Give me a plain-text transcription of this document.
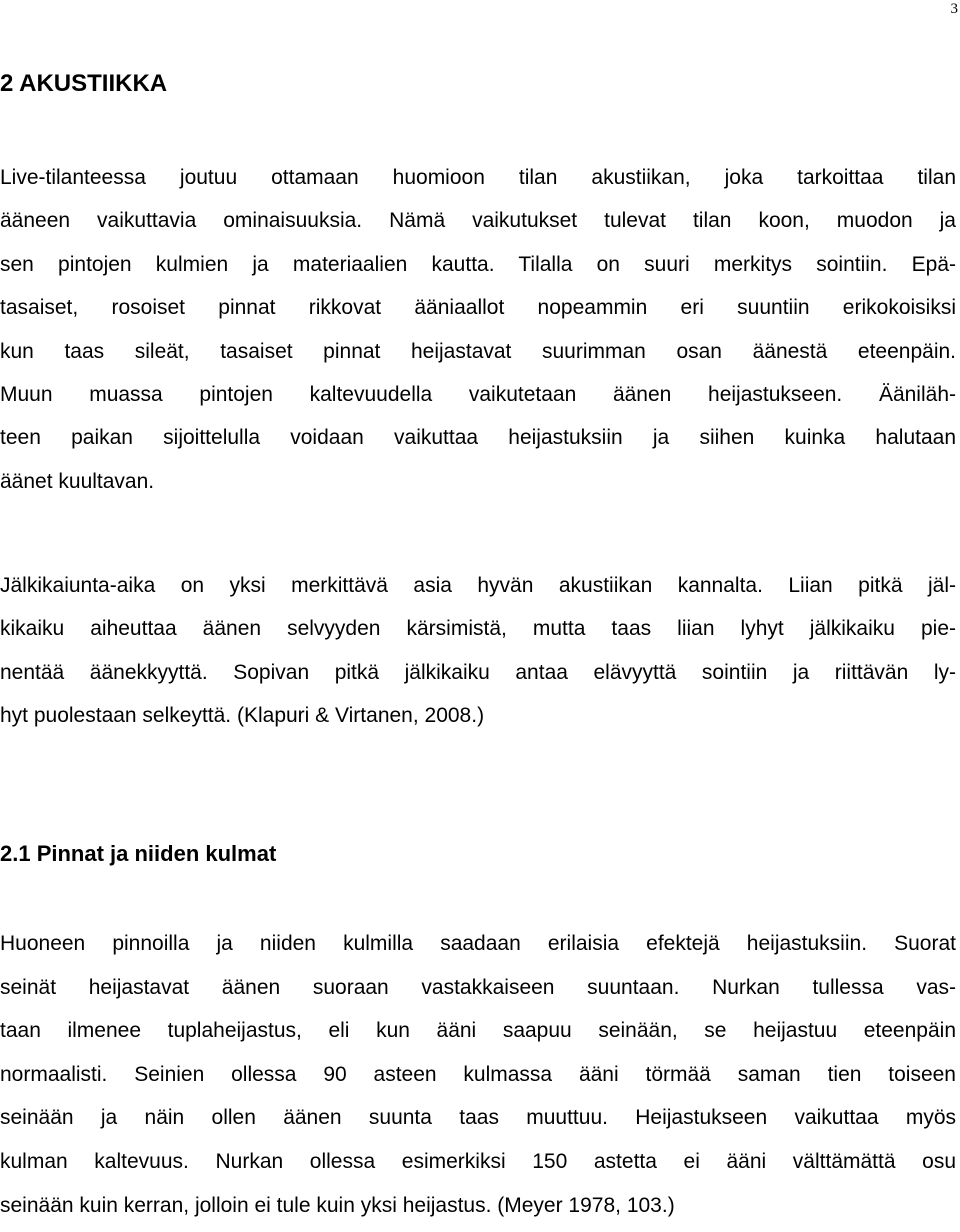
3
2 AKUSTIIKKA
Live-tilanteessa joutuu ottamaan huomioon tilan akustiikan, joka tarkoittaa tilan
ääneen vaikuttavia ominaisuuksia. Nämä vaikutukset tulevat tilan koon, muodon ja
sen pintojen kulmien ja materiaalien kautta. Tilalla on suuri merkitys sointiin. Epä-
tasaiset, rosoiset pinnat rikkovat ääniaallot nopeammin eri suuntiin erikokoisiksi
kun taas sileät, tasaiset pinnat heijastavat suurimman osan äänestä eteenpäin.
Muun muassa pintojen kaltevuudella vaikutetaan äänen heijastukseen. Ääniläh-
teen paikan sijoittelulla voidaan vaikuttaa heijastuksiin ja siihen kuinka halutaan
äänet kuultavan.
Jälkikaiunta-aika on yksi merkittävä asia hyvän akustiikan kannalta. Liian pitkä jäl-
kikaiku aiheuttaa äänen selvyyden kärsimistä, mutta taas liian lyhyt jälkikaiku pie-
nentää äänekkyyttä. Sopivan pitkä jälkikaiku antaa elävyyttä sointiin ja riittävän ly-
hyt puolestaan selkeyttä. (Klapuri & Virtanen, 2008.)
2.1 Pinnat ja niiden kulmat
Huoneen pinnoilla ja niiden kulmilla saadaan erilaisia efektejä heijastuksiin. Suorat
seinät heijastavat äänen suoraan vastakkaiseen suuntaan. Nurkan tullessa vas-
taan ilmenee tuplaheijastus, eli kun ääni saapuu seinään, se heijastuu eteenpäin
normaalisti. Seinien ollessa 90 asteen kulmassa ääni törmää saman tien toiseen
seinään ja näin ollen äänen suunta taas muuttuu. Heijastukseen vaikuttaa myös
kulman kaltevuus. Nurkan ollessa esimerkiksi 150 astetta ei ääni välttämättä osu
seinään kuin kerran, jolloin ei tule kuin yksi heijastus. (Meyer 1978, 103.)
